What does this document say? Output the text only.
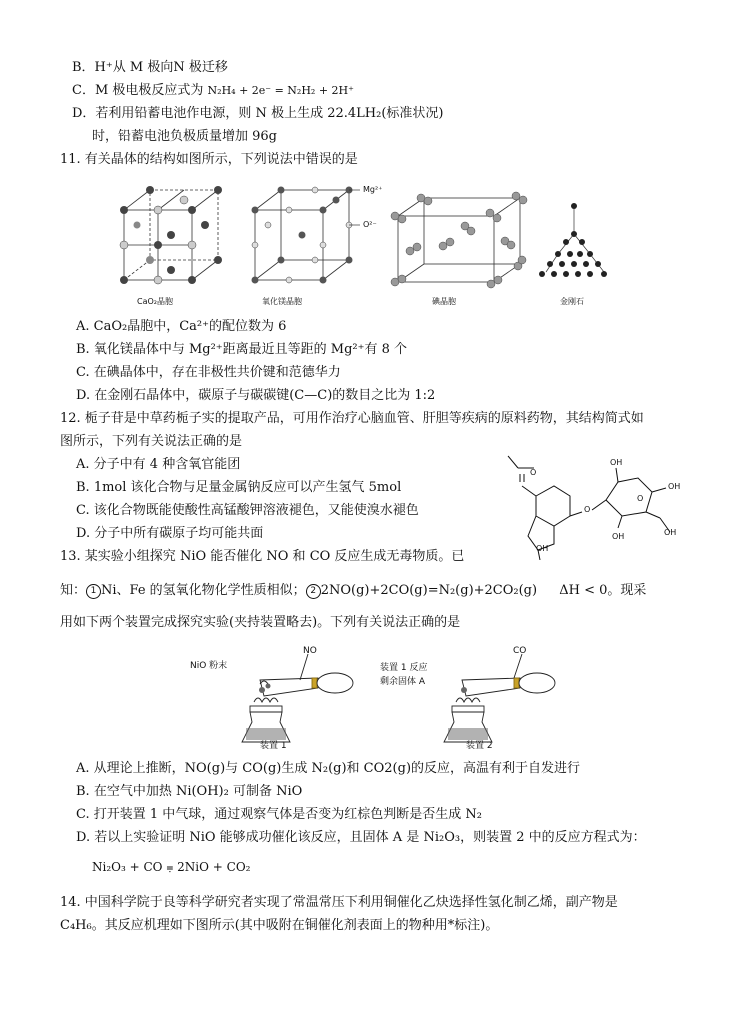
B．H⁺从 M 极向N 极迁移
C．M 极电极反应式为 N₂H₄ + 2e⁻ = N₂H₂ + 2H⁺
D．若利用铅蓄电池作电源，则 N 极上生成 22.4LH₂(标准状况)
时，铅蓄电池负极质量增加 96g
11. 有关晶体的结构如图所示，下列说法中错误的是
CaO₂晶胞	氧化镁晶胞	碘晶胞	金刚石
Mg²⁺
O²⁻
A. CaO₂晶胞中，Ca²⁺的配位数为 6
B. 氧化镁晶体中与 Mg²⁺距离最近且等距的 Mg²⁺有 8 个
C. 在碘晶体中，存在非极性共价键和范德华力
D. 在金刚石晶体中，碳原子与碳碳键(C—C)的数目之比为 1:2
12. 栀子苷是中草药栀子实的提取产品，可用作治疗心脑血管、肝胆等疾病的原料药物，其结构简式如
图所示，下列有关说法正确的是
A. 分子中有 4 种含氧官能团
B. 1mol 该化合物与足量金属钠反应可以产生氢气 5mol
C. 该化合物既能使酸性高锰酸钾溶液褪色，又能使溴水褪色
D. 分子中所有碳原子均可能共面
O
O
O
OH
OH
OH	OH
OH
13. 某实验小组探究 NiO 能否催化 NO 和 CO 反应生成无毒物质。已
知： 1 Ni、Fe 的氢氧化物化学性质相似； 2 2NO(g)+2CO(g)=N₂(g)+2CO₂(g) ΔH < 0。现采
用如下两个装置完成探究实验(夹持装置略去)。下列有关说法正确的是
NiO 粉末
NO
装置 1
装置 1 反应
剩余固体 A
CO
装置 2
A. 从理论上推断，NO(g)与 CO(g)生成 N₂(g)和 CO2(g)的反应，高温有利于自发进行
B. 在空气中加热 Ni(OH)₂ 可制备 NiO
C. 打开装置 1 中气球，通过观察气体是否变为红棕色判断是否生成 N₂
D. 若以上实验证明 NiO 能够成功催化该反应，且固体 A 是 Ni₂O₃，则装置 2 中的反应方程式为：
Ni₂O₃ + CO ⩦ 2NiO + CO₂
14. 中国科学院于良等科学研究者实现了常温常压下利用铜催化乙炔选择性氢化制乙烯，副产物是
C₄H₆。其反应机理如下图所示(其中吸附在铜催化剂表面上的物种用*标注)。
